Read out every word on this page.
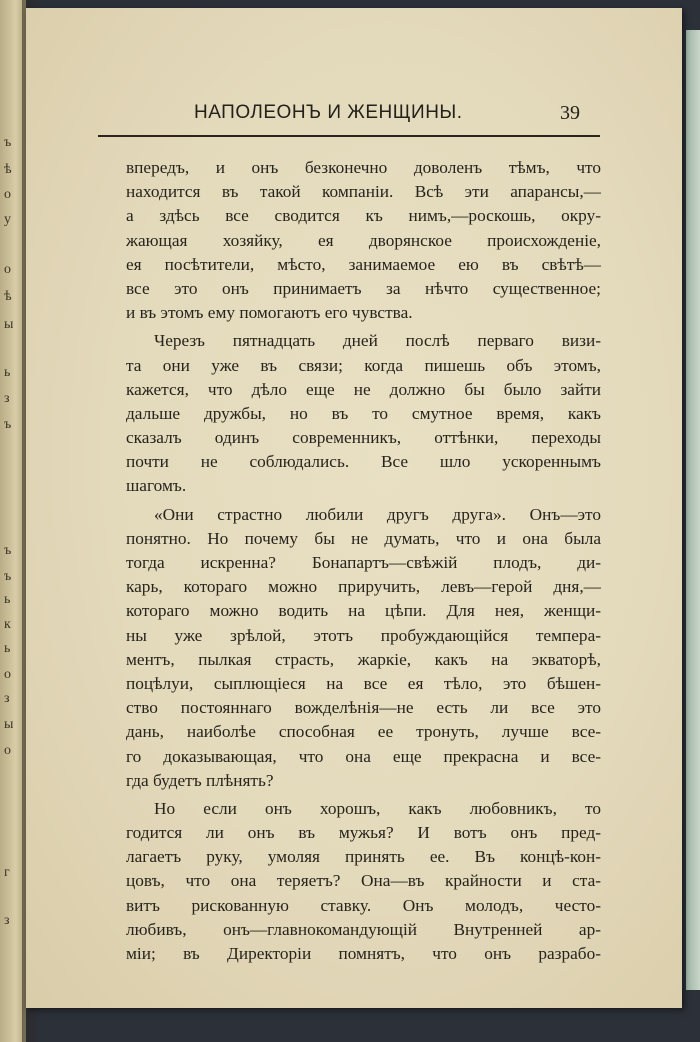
ъ
ѣ
о
у
о
ѣ
ы
ь
з
ъ
ъ
ъ
ь
к
ь
о
з
ы
о
г
з
НАПОЛЕОНЪ И ЖЕНЩИНЫ.	39
впередъ, и онъ безконечно доволенъ тѣмъ, что
находится въ такой компаніи. Всѣ эти апарансы,—
а здѣсь все сводится къ нимъ,—роскошь, окру-
жающая хозяйку, ея дворянское происхожденіе,
ея посѣтители, мѣсто, занимаемое ею въ свѣтѣ—
все это онъ принимаетъ за нѣчто существенное;
и въ этомъ ему помогаютъ его чувства.
Черезъ пятнадцать дней послѣ перваго визи-
та они уже въ связи; когда пишешь объ этомъ,
кажется, что дѣло еще не должно бы было зайти
дальше дружбы, но въ то смутное время, какъ
сказалъ одинъ современникъ, оттѣнки, переходы
почти не соблюдались. Все шло ускореннымъ
шагомъ.
«Они страстно любили другъ друга». Онъ—это
понятно. Но почему бы не думать, что и она была
тогда искренна? Бонапартъ—свѣжій плодъ, ди-
карь, котораго можно приручить, левъ—герой дня,—
котораго можно водить на цѣпи. Для нея, женщи-
ны уже зрѣлой, этотъ пробуждающійся темпера-
ментъ, пылкая страсть, жаркіе, какъ на экваторѣ,
поцѣлуи, сыплющіеся на все ея тѣло, это бѣшен-
ство постояннаго вожделѣнія—не есть ли все это
дань, наиболѣе способная ее тронуть, лучше все-
го доказывающая, что она еще прекрасна и все-
гда будетъ плѣнять?
Но если онъ хорошъ, какъ любовникъ, то
годится ли онъ въ мужья? И вотъ онъ пред-
лагаетъ руку, умоляя принять ее. Въ концѣ-кон-
цовъ, что она теряетъ? Она—въ крайности и ста-
витъ рискованную ставку. Онъ молодъ, често-
любивъ, онъ—главнокомандующій Внутренней ар-
міи; въ Директоріи помнятъ, что онъ разрабо-
